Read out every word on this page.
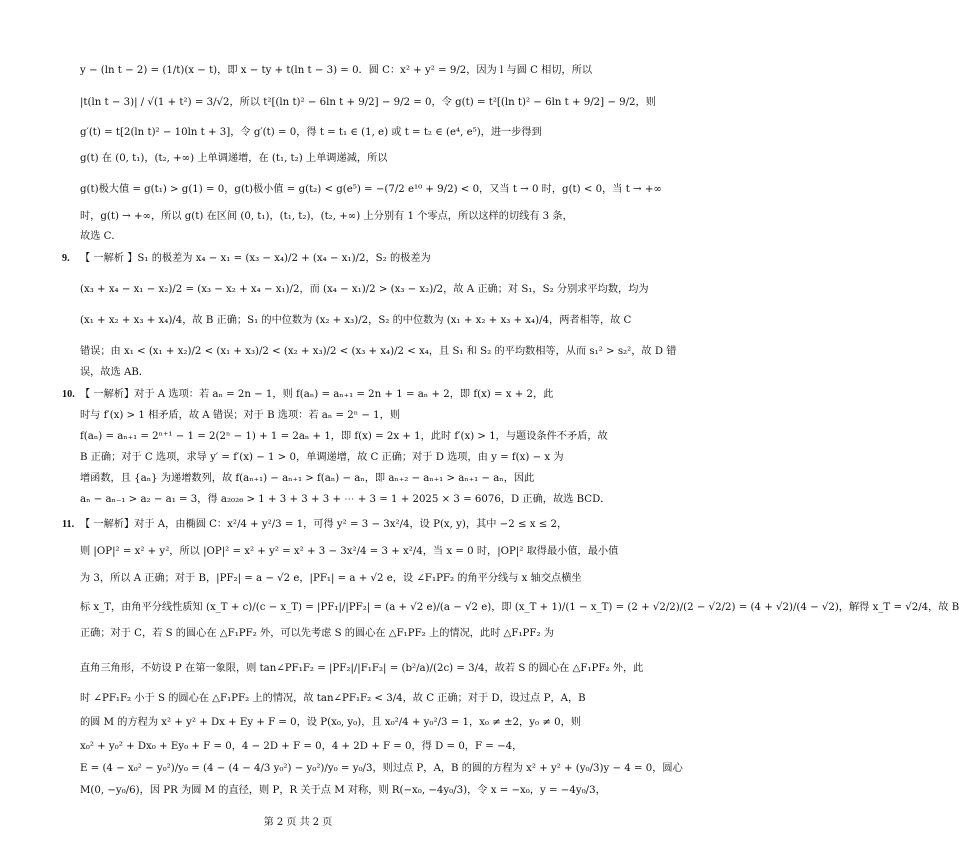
y − (ln t − 2) = (1/t)(x − t)，即 x − ty + t(ln t − 3) = 0．圆 C：x² + y² = 9/2，因为 l 与圆 C 相切，所以
|t(ln t − 3)| / √(1 + t²) = 3/√2，所以 t²[(ln t)² − 6ln t + 9/2] − 9/2 = 0，令 g(t) = t²[(ln t)² − 6ln t + 9/2] − 9/2，则
g′(t) = t[2(ln t)² − 10ln t + 3]，令 g′(t) = 0，得 t = t₁ ∈ (1, e) 或 t = t₂ ∈ (e⁴, e⁵)，进一步得到
g(t) 在 (0, t₁)，(t₂, +∞) 上单调递增，在 (t₁, t₂) 上单调递减，所以
g(t)极大值 = g(t₁) > g(1) = 0，g(t)极小值 = g(t₂) < g(e⁵) = −(7/2 e¹⁰ + 9/2) < 0，又当 t → 0 时，g(t) < 0，当 t → +∞
时，g(t) → +∞，所以 g(t) 在区间 (0, t₁)，(t₁, t₂)，(t₂, +∞) 上分别有 1 个零点，所以这样的切线有 3 条，
故选 C．
9. 【 一解析 】S₁ 的极差为 x₄ − x₁ = (x₃ − x₄)/2 + (x₄ − x₁)/2，S₂ 的极差为
(x₃ + x₄ − x₁ − x₂)/2 = (x₃ − x₂ + x₄ − x₁)/2，而 (x₄ − x₁)/2 > (x₃ − x₂)/2，故 A 正确；对 S₁，S₂ 分别求平均数，均为
(x₁ + x₂ + x₃ + x₄)/4，故 B 正确；S₁ 的中位数为 (x₂ + x₃)/2，S₂ 的中位数为 (x₁ + x₂ + x₃ + x₄)/4，两者相等，故 C
错误；由 x₁ < (x₁ + x₂)/2 < (x₁ + x₃)/2 < (x₂ + x₃)/2 < (x₃ + x₄)/2 < x₄，且 S₁ 和 S₂ 的平均数相等，从而 s₁² > s₂²，故 D 错
误，故选 AB．
10. 【 一解析】对于 A 选项：若 aₙ = 2n − 1，则 f(aₙ) = aₙ₊₁ = 2n + 1 = aₙ + 2，即 f(x) = x + 2，此
时与 f′(x) > 1 相矛盾，故 A 错误；对于 B 选项：若 aₙ = 2ⁿ − 1，则
f(aₙ) = aₙ₊₁ = 2ⁿ⁺¹ − 1 = 2(2ⁿ − 1) + 1 = 2aₙ + 1，即 f(x) = 2x + 1，此时 f′(x) > 1，与题设条件不矛盾，故
B 正确；对于 C 选项，求导 y′ = f′(x) − 1 > 0，单调递增，故 C 正确；对于 D 选项，由 y = f(x) − x 为
增函数，且 {aₙ} 为递增数列，故 f(aₙ₊₁) − aₙ₊₁ > f(aₙ) − aₙ，即 aₙ₊₂ − aₙ₊₁ > aₙ₊₁ − aₙ，因此
aₙ − aₙ₋₁ > a₂ − a₁ = 3，得 a₂₀₂₆ > 1 + 3 + 3 + 3 + ⋯ + 3 = 1 + 2025 × 3 = 6076，D 正确，故选 BCD．
11. 【 一解析】对于 A，由椭圆 C：x²/4 + y²/3 = 1，可得 y² = 3 − 3x²/4，设 P(x, y)，其中 −2 ≤ x ≤ 2，
则 |OP|² = x² + y²，所以 |OP|² = x² + y² = x² + 3 − 3x²/4 = 3 + x²/4，当 x = 0 时，|OP|² 取得最小值，最小值
为 3，所以 A 正确；对于 B，|PF₂| = a − √2 e，|PF₁| = a + √2 e，设 ∠F₁PF₂ 的角平分线与 x 轴交点横坐
标 x_T，由角平分线性质知 (x_T + c)/(c − x_T) = |PF₁|/|PF₂| = (a + √2 e)/(a − √2 e)，即 (x_T + 1)/(1 − x_T) = (2 + √2/2)/(2 − √2/2) = (4 + √2)/(4 − √2)，解得 x_T = √2/4，故 B
正确；对于 C，若 S 的圆心在 △F₁PF₂ 外，可以先考虑 S 的圆心在 △F₁PF₂ 上的情况，此时 △F₁PF₂ 为
直角三角形，不妨设 P 在第一象限，则 tan∠PF₁F₂ = |PF₂|/|F₁F₂| = (b²/a)/(2c) = 3/4，故若 S 的圆心在 △F₁PF₂ 外，此
时 ∠PF₁F₂ 小于 S 的圆心在 △F₁PF₂ 上的情况，故 tan∠PF₁F₂ < 3/4，故 C 正确；对于 D，设过点 P，A，B
的圆 M 的方程为 x² + y² + Dx + Ey + F = 0，设 P(x₀, y₀)，且 x₀²/4 + y₀²/3 = 1，x₀ ≠ ±2，y₀ ≠ 0，则
x₀² + y₀² + Dx₀ + Ey₀ + F = 0，4 − 2D + F = 0，4 + 2D + F = 0，得 D = 0，F = −4，
E = (4 − x₀² − y₀²)/y₀ = (4 − (4 − 4/3 y₀²) − y₀²)/y₀ = y₀/3，则过点 P，A，B 的圆的方程为 x² + y² + (y₀/3)y − 4 = 0，圆心
M(0, −y₀/6)，因 PR 为圆 M 的直径，则 P，R 关于点 M 对称，则 R(−x₀, −4y₀/3)，令 x = −x₀，y = −4y₀/3，
第 2 页 共 2 页
